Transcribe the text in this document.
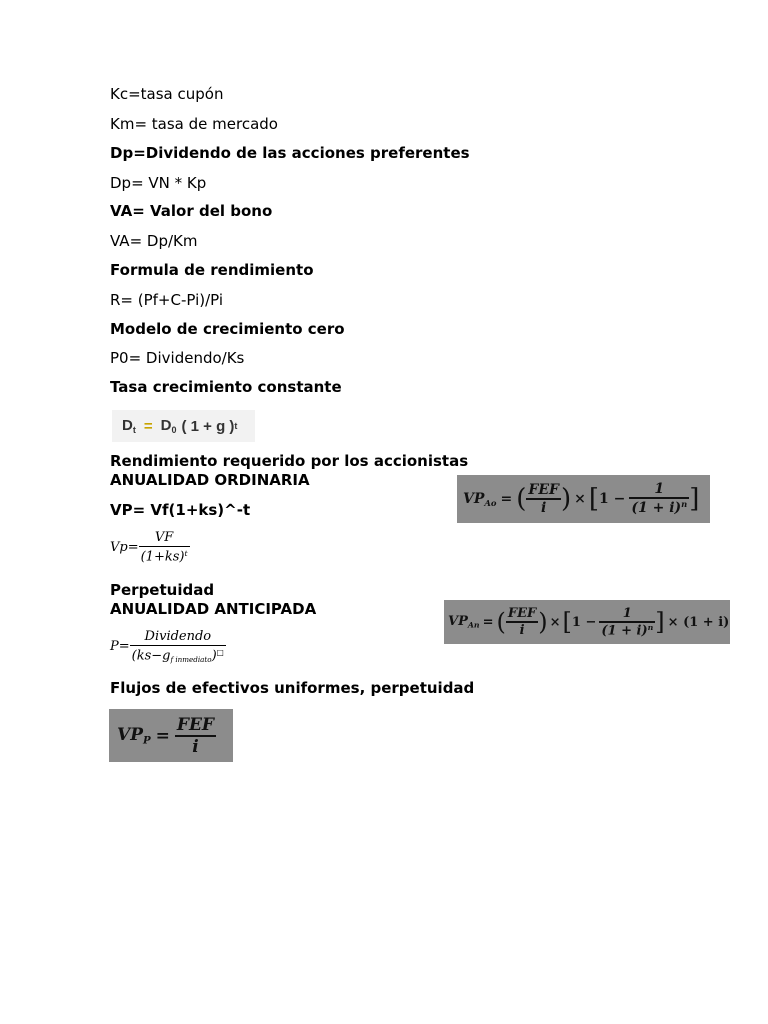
Kc=tasa cupón
Km= tasa de mercado
Dp=Dividendo de las acciones preferentes
Dp= VN * Kp
VA= Valor del bono
VA= Dp/Km
Formula de rendimiento
R= (Pf+C-Pi)/Pi
Modelo de crecimiento cero
P0= Dividendo/Ks
Tasa crecimiento constante
$D_t = D_0$ ( 1 + g ) t
Rendimiento requerido por los accionistas
ANUALIDAD ORDINARIA
VP= Vf(1+ks)^-t
$VP_{Ao}$ = ( $\frac{\text{FEF}}{i}$ ) × [ $1 - \frac{1}{(1 + i)^n}$ ]
$Vp= \frac{VF}{(1+ks)^t}$
Perpetuidad
ANUALIDAD ANTICIPADA
$VP_{An}$ = ( $\frac{\text{FEF}}{i}$ ) × [ $1 - \frac{1}{(1 + i)^n}$ ] × (1 + i)
$P= \frac{\text{Dividendo}}{(ks-g_{f inmediato})^□}$
Flujos de efectivos uniformes, perpetuidad
$VP_P = \frac{\text{FEF}}{i}$
